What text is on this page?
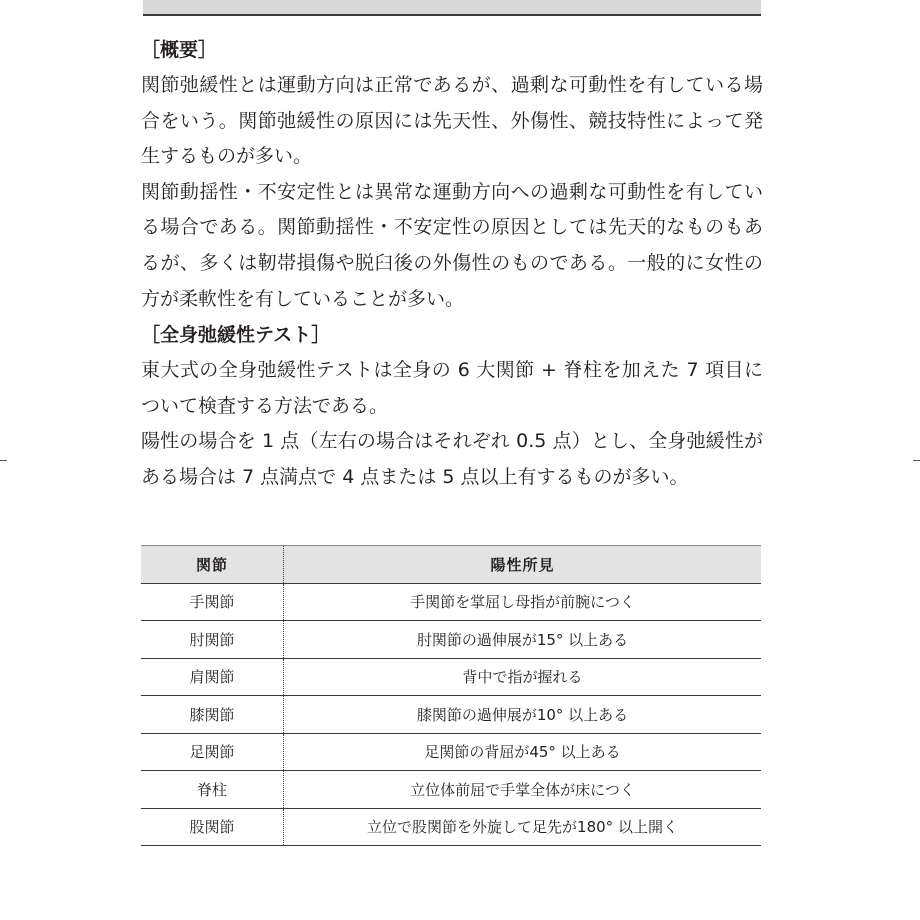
［概要］
関節弛緩性とは運動方向は正常であるが、過剰な可動性を有している場合をいう。関節弛緩性の原因には先天性、外傷性、競技特性によって発生するものが多い。
関節動揺性・不安定性とは異常な運動方向への過剰な可動性を有している場合である。関節動揺性・不安定性の原因としては先天的なものもあるが、多くは靭帯損傷や脱臼後の外傷性のものである。一般的に女性の方が柔軟性を有していることが多い。
［全身弛緩性テスト］
東大式の全身弛緩性テストは全身の 6 大関節 + 脊柱を加えた 7 項目について検査する方法である。
陽性の場合を 1 点（左右の場合はそれぞれ 0.5 点）とし、全身弛緩性がある場合は 7 点満点で 4 点または 5 点以上有するものが多い。
関節	陽性所見
手関節	手関節を掌屈し母指が前腕につく
肘関節	肘関節の過伸展が15° 以上ある
肩関節	背中で指が握れる
膝関節	膝関節の過伸展が10° 以上ある
足関節	足関節の背屈が45° 以上ある
脊柱	立位体前屈で手掌全体が床につく
股関節	立位で股関節を外旋して足先が180° 以上開く
